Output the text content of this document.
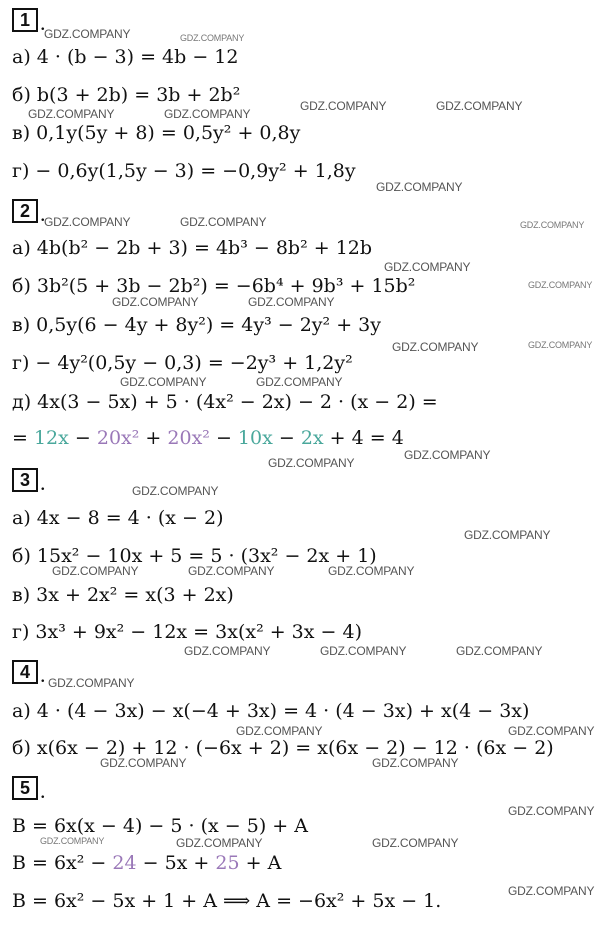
1 .
а) 4 · (b − 3) = 4b − 12
б) b(3 + 2b) = 3b + 2b²
в) 0,1y(5y + 8) = 0,5y² + 0,8y
г) − 0,6y(1,5y − 3) = −0,9y² + 1,8y
2 .
а) 4b(b² − 2b + 3) = 4b³ − 8b² + 12b
б) 3b²(5 + 3b − 2b²) = −6b⁴ + 9b³ + 15b²
в) 0,5y(6 − 4y + 8y²) = 4y³ − 2y² + 3y
г) − 4y²(0,5y − 0,3) = −2y³ + 1,2y²
д) 4x(3 − 5x) + 5 · (4x² − 2x) − 2 · (x − 2) =
= 12x − 20x² + 20x² − 10x − 2x + 4 = 4
3 .
а) 4x − 8 = 4 · (x − 2)
б) 15x² − 10x + 5 = 5 · (3x² − 2x + 1)
в) 3x + 2x² = x(3 + 2x)
г) 3x³ + 9x² − 12x = 3x(x² + 3x − 4)
4 .
а) 4 · (4 − 3x) − x(−4 + 3x) = 4 · (4 − 3x) + x(4 − 3x)
б) x(6x − 2) + 12 · (−6x + 2) = x(6x − 2) − 12 · (6x − 2)
5 .
B = 6x(x − 4) − 5 · (x − 5) + A
B = 6x² − 24 − 5x + 25 + A
B = 6x² − 5x + 1 + A ⟹ A = −6x² + 5x − 1.
GDZ.COMPANY	GDZ.COMPANY
GDZ.COMPANY	GDZ.COMPANY
GDZ.COMPANY	GDZ.COMPANY
GDZ.COMPANY
GDZ.COMPANY	GDZ.COMPANY	GDZ.COMPANY
GDZ.COMPANY
GDZ.COMPANY
GDZ.COMPANY	GDZ.COMPANY
GDZ.COMPANY	GDZ.COMPANY
GDZ.COMPANY	GDZ.COMPANY
GDZ.COMPANY
GDZ.COMPANY
GDZ.COMPANY
GDZ.COMPANY
GDZ.COMPANY	GDZ.COMPANY	GDZ.COMPANY
GDZ.COMPANY	GDZ.COMPANY	GDZ.COMPANY
GDZ.COMPANY
GDZ.COMPANY	GDZ.COMPANY
GDZ.COMPANY	GDZ.COMPANY
GDZ.COMPANY
GDZ.COMPANY	GDZ.COMPANY	GDZ.COMPANY
GDZ.COMPANY
